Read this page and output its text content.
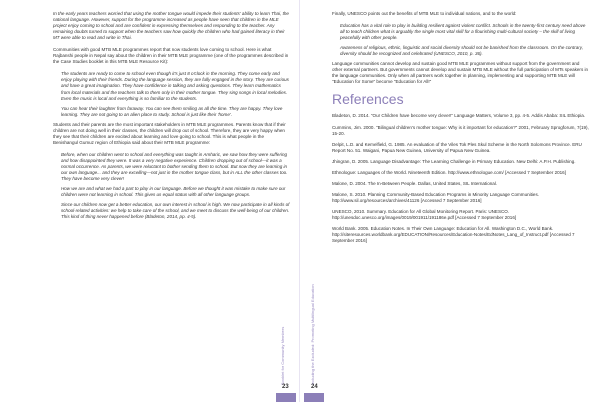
In the early years teachers worried that using the mother tongue would impede their students' ability to learn Thai, the national language. However, support for the programme increased as people have seen that children in the MLE project enjoy coming to school and are confident in expressing themselves and responding to the teacher. Any remaining doubts turned to support when the teachers saw how quickly the children who had gained literacy in their MT were able to read and write in Thai.

Communities with good MTB MLE programmes report that now students love coming to school. Here is what Rajbanshi people in Nepal say about the children in their MTB MLE programme (one of the programmes described in the Case Studies booklet in this MTB MLE Resource Kit):

The students are ready to come to school even though it's just 8 o'clock in the morning. They come early and enjoy playing with their friends. During the language session, they are fully engaged in the story. They are curious and have a great imagination. They have confidence in talking and asking questions. They learn mathematics from local materials and the teachers talk to them only in their mother tongue. They sing songs in local melodies. Even the music is local and everything is so familiar to the students.

You can hear their laughter from faraway. You can see them smiling as all the time. They are happy. They love learning. They are not going to an alien place to study. School is just like their 'home'.

Students and their parents are the most important stakeholders in MTB MLE programmes. Parents know that if their children are not doing well in their classes, the children will drop out of school. Therefore, they are very happy when they see that their children are excited about learning and love going to school. This is what people in the Benishangul Gumuz region of Ethiopia said about their MTB MLE programme:

Before, when our children went to school and everything was taught in Amharic, we saw how they were suffering and how disappointed they were. It was a very negative experience. Children dropping out of school—it was a normal occurrence. As parents, we were reluctant to bother sending them to school. But now they are learning in our own language... and they are excelling—not just in the mother tongue class, but in ALL the other classes too. They have become very clever!

How we are and what we had a part to play in our language. Before we thought it was mistake to make sure our children were not learning in school. This gives us equal status with all other language groups.

Since our children now get a better education, our own interest in school is high. We now participate in all kinds of school-related activities: we help to take care of the school, and we meet to discuss the well-being of our children. This kind of thing never happened before (Bladeton, 2014, pp. 4-5).

Finally, UNESCO points out the benefits of MTB MLE to individual nations, and to the world:

Education has a vital role to play in building resilient against violent conflict. Schools in the twenty-first century need above all to teach children what is arguably the single most vital skill for a flourishing multi-cultural society – the skill of living peacefully with other people.

Awareness of religious, ethnic, linguistic and social diversity should not be banished from the classroom. On the contrary, diversity should be recognized and celebrated (UNESCO, 2010, p. 36).

Language communities cannot develop and sustain good MTB MLE programmes without support from the government and other external partners. But governments cannot develop and sustain MTB MLE without the full participation of MTs speakers in the language communities. Only when all partners work together in planning, implementing and supporting MTB MLE will "Education for Some" become "Education for All!"

References

Bladeton, D. 2014. "Our Children have become very clever!" Language Matters, Volume 3, pp. 4-5. Addis Ababa: SIL Ethiopia.

Cummins, Jim. 2000. "Bilingual children's mother tongue: Why is it important for education?" 2001, February Sprogforum, 7(19), 15-20.

Delpit, L.D. and Kemelfield, G. 1985. An evaluation of the Viles Tok Ples Skul Scheme in the North Solomons Province. ERU Report No. 51. Waigani, Papua New Guinea, University of Papua New Guinea.

Jhingran, D. 2005. Language Disadvantage: The Learning Challenge in Primary Education. New Delhi: A.P.H. Publishing.

Ethnologue: Languages of the World. Nineteenth Edition. http://www.ethnologue.com/ [Accessed 7 September 2016]

Malone, D. 2004. The In-Between People. Dallas, United States, SIL International.

Malone, S. 2010. Planning Community-Based Education Programs in Minority Language Communities. http://www.sil.org/resources/archives/41126 [Accessed 7 September 2016]

UNESCO, 2010. Summary. Education for All Global Monitoring Report. Paris: UNESCO. http://unesdoc.unesco.org/images/0019/001911/191186e.pdf [Accessed 7 September 2016]

World Bank. 2005. Education Notes. In Their Own Language: Education for All. Washington D.C., World Bank. http://siteresources.worldbank.org/EDUCATION/Resources/Education-Notes/EdNotes_Lang_of_Instruct.pdf [Accessed 7 September 2016]

Booklet for Community Members	Including the Excluded: Promoting Multilingual Education
23	24
